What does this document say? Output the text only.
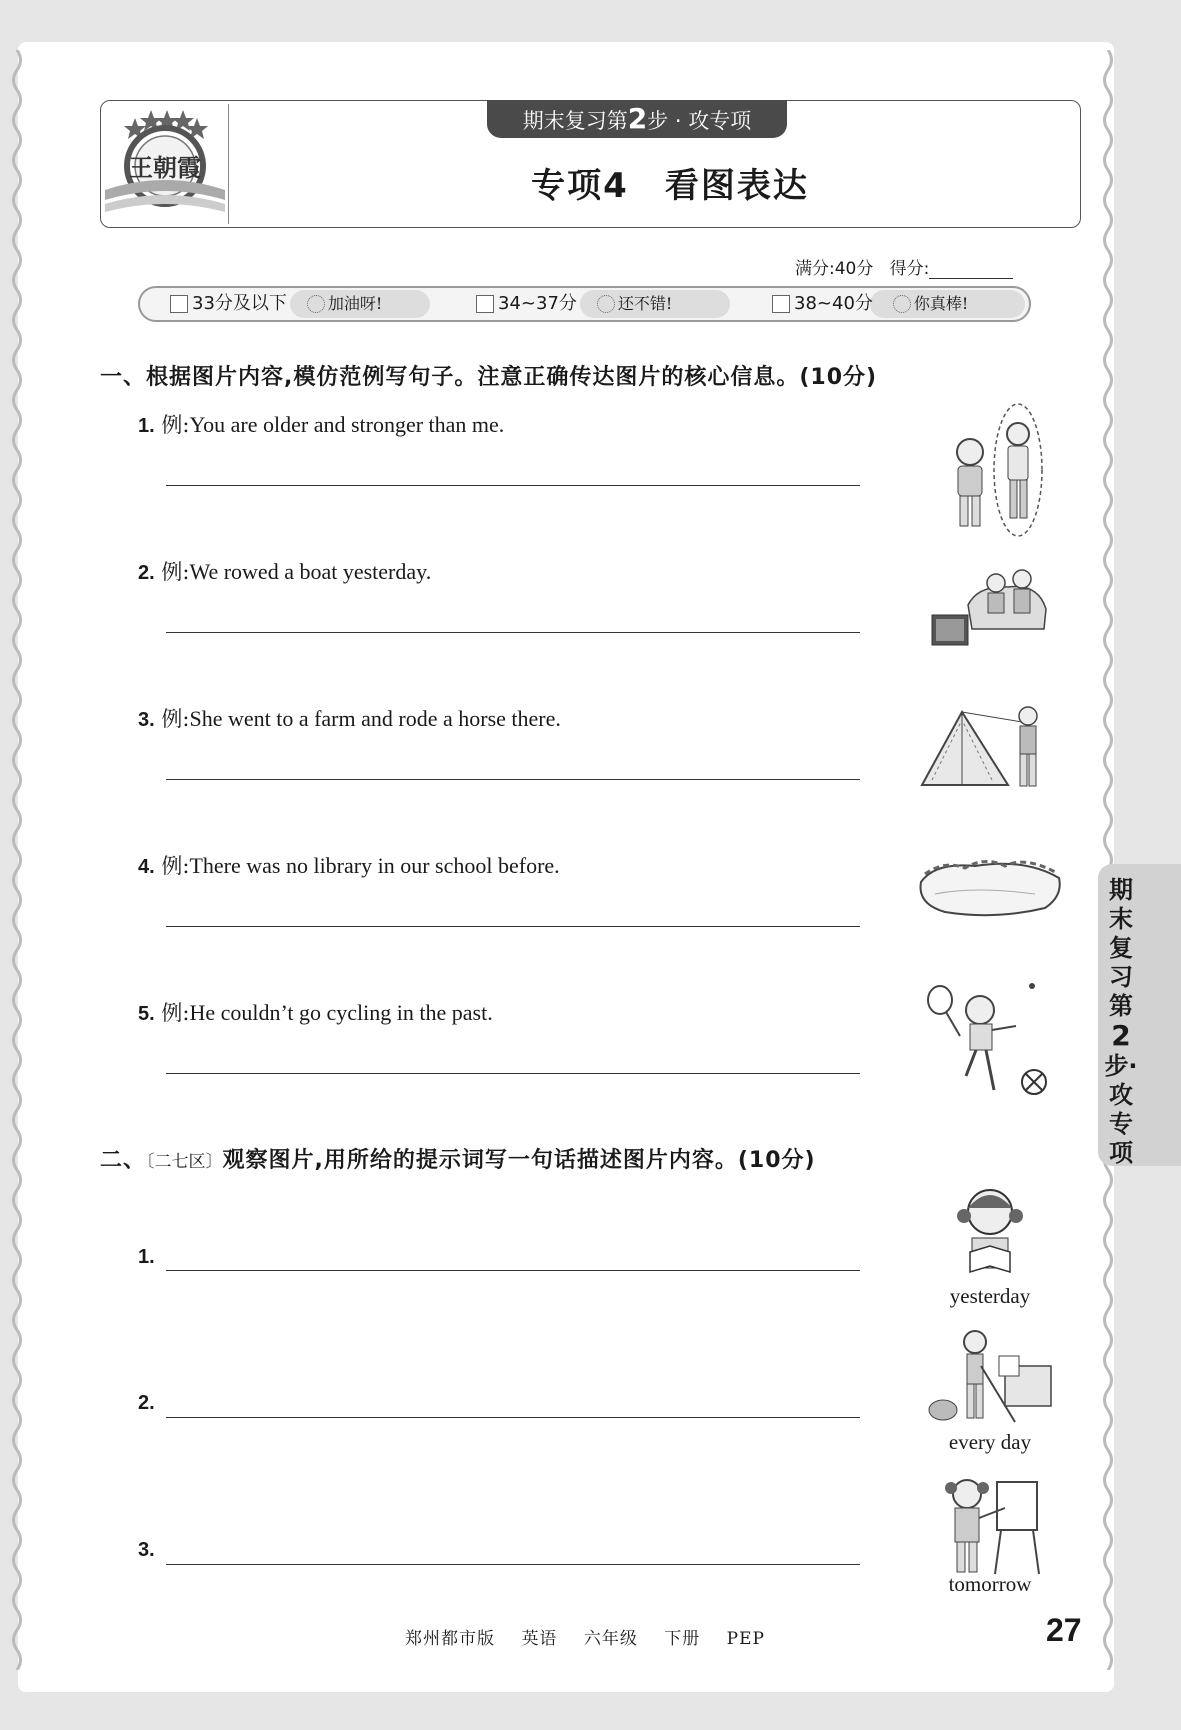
王朝霞
期末复习第2步 · 攻专项
专项4　看图表达
满分:40分 得分:
33分及以下	加油呀!	34~37分	还不错!	38~40分	你真棒!
一、根据图片内容,模仿范例写句子。注意正确传达图片的核心信息。(10分)
1. 例:You are older and stronger than me.
2. 例:We rowed a boat yesterday.
3. 例:She went to a farm and rode a horse there.
4. 例:There was no library in our school before.
5. 例:He couldn’t go cycling in the past.
二、〔二七区〕观察图片,用所给的提示词写一句话描述图片内容。(10分)
1.
2.
3.
yesterday
every day
tomorrow
期末复习第2步·攻专项
郑州都市版 英语 六年级 下册 PEP	27
